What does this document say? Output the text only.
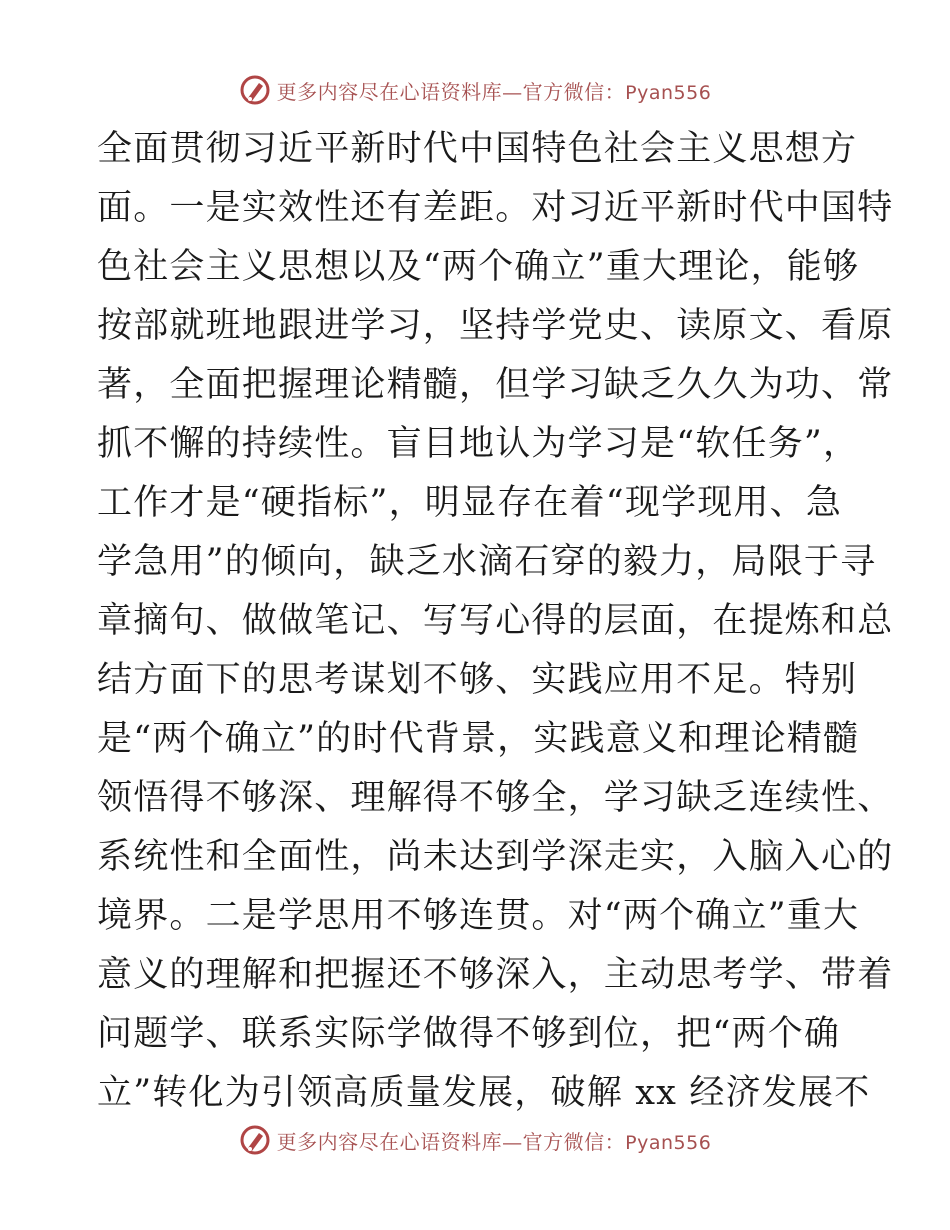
更多内容尽在心语资料库—官方微信：Pyan556
全面贯彻习近平新时代中国特色社会主义思想方
面。一是实效性还有差距。对习近平新时代中国特
色社会主义思想以及“两个确立”重大理论，能够
按部就班地跟进学习，坚持学党史、读原文、看原
著，全面把握理论精髓，但学习缺乏久久为功、常
抓不懈的持续性。盲目地认为学习是“软任务”，
工作才是“硬指标”，明显存在着“现学现用、急
学急用”的倾向，缺乏水滴石穿的毅力，局限于寻
章摘句、做做笔记、写写心得的层面，在提炼和总
结方面下的思考谋划不够、实践应用不足。特别
是“两个确立”的时代背景，实践意义和理论精髓
领悟得不够深、理解得不够全，学习缺乏连续性、
系统性和全面性，尚未达到学深走实，入脑入心的
境界。二是学思用不够连贯。对“两个确立”重大
意义的理解和把握还不够深入，主动思考学、带着
问题学、联系实际学做得不够到位，把“两个确
立”转化为引领高质量发展，破解 xx 经济发展不
更多内容尽在心语资料库—官方微信：Pyan556
